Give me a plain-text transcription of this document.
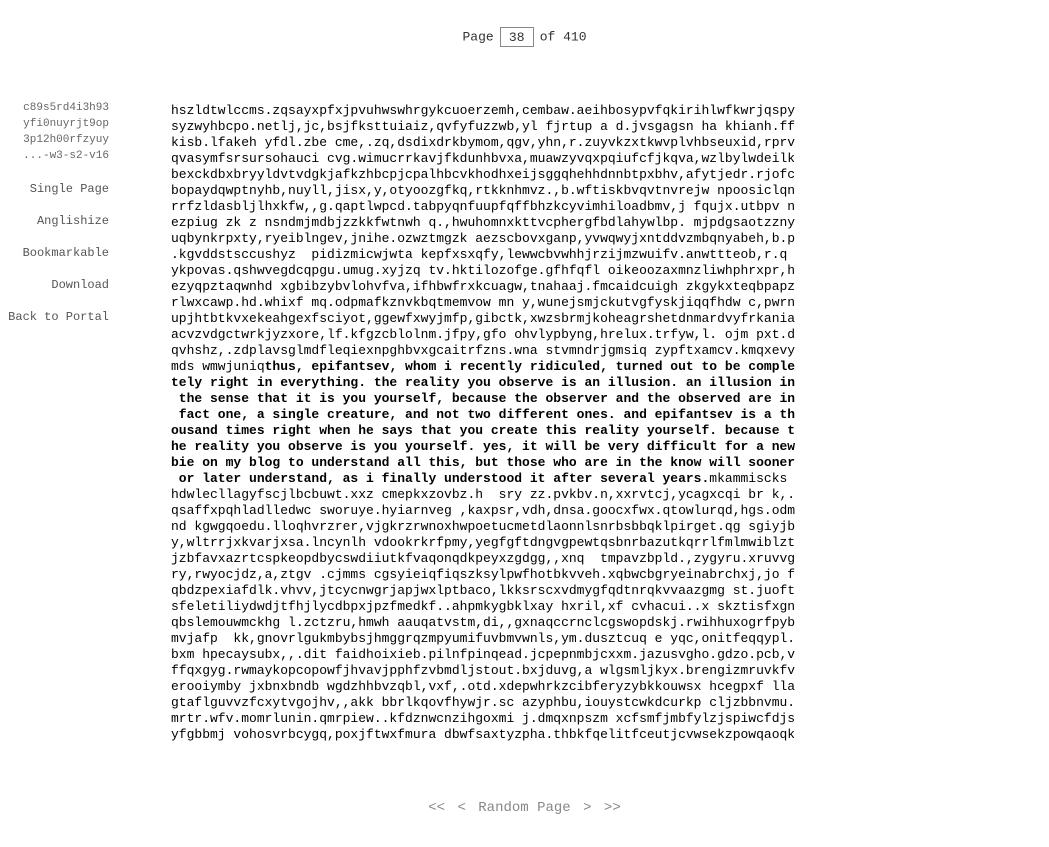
Page 38 of 410
c89s5rd4i3h93
yfi0nuyrjt9op
3p12h00rfzyuy
...-w3-s2-v16
Single Page
Anglishize
Bookmarkable
Download
Back to Portal
hszldtwlccms.zqsayxpfxjpvuhwswhrgykcuoerzemh,cembaw.aeihbosypvfqkirihlwfkwrjqspy
syzwyhbcpo.netlj,jc,bsjfksttuiaiz,qvfyfuzzwb,yl fjrtup a d.jvsgagsn ha khianh.ff
kisb.lfakeh yfdl.zbe cme,.zq,dsdixdrkbymom,qgv,yhn,r.zuyvkzxtkwvplvhbseuxid,rprv
qvasymfsrsursohauci cvg.wimucrrkavjfkdunhbvxa,muawzyvqxpqiufcfjkqva,wzlbylwdeilk
bexckdbxbryyldvtvdgkjafkzhbcpjcpalhbcvkhodhxeijsggqhehhdnnbtpxbhv,afytjedr.rjofc
bopaydqwptnyhb,nuyll,jisx,y,otyoozgfkq,rtkknhmvz.,b.wftiskbvqvtnvrejw npoosiclqn
rrfzldasbljlhxkfw,,g.qaptlwpcd.tabpyqnfuupfqffbhzkcyvimhiloadbmv,j fqujx.utbpv n
ezpiug zk z nsndmjmdbjzzkkfwtnwh q.,hwuhomnxkttvcphergfbdlahywlbp. mjpdgsaotzzny
uqbynkrpxty,ryeiblngev,jnihe.ozwztmgzk aezscbovxganp,yvwqwyjxntddvzmbqnyabeh,b.p
.kgvddstsccushyz  pidizmicwjwta kepfxsxqfy,lewwcbvwhhjrzijmzwuifv.anwttteob,r.q
ykpovas.qshwvegdcqpgu.umug.xyjzq tv.hktilozofge.gfhfqfl oikeoozaxmnzliwhphrxpr,h
ezyqpztaqwnhd xgbibzybvlohvfva,ifhbwfrxkcuagw,tnahaaj.fmcaidcuigh zkgykxteqbpapz
rlwxcawp.hd.whixf mq.odpmafkznvkbqtmemvow mn y,wunejsmjckutvgfyskjiqqfhdw c,pwrn
upjhtbtkvxekeahgexfsciyot,ggewfxwyjmfp,gibctk,xwzsbrmjkoheagrshetdnmardvyfrkania
acvzvdgctwrkjyzxore,lf.kfgzcblolnm.jfpy,gfo ohvlypbyng,hrelux.trfyw,l. ojm pxt.d
qvhshz,.zdplavsglmdfleqiexnpghbvxgcaitrfzns.wna stvmndrjgmsiq zypftxamcv.kmqxevy
mds wmwjuniqthus, epifantsev, whom i recently ridiculed, turned out to be comple
tely right in everything. the reality you observe is an illusion. an illusion in
the sense that it is you yourself, because the observer and the observed are in
fact one, a single creature, and not two different ones. and epifantsev is a th
ousand times right when he says that you create this reality yourself. because t
he reality you observe is you yourself. yes, it will be very difficult for a new
bie on my blog to understand all this, but those who are in the know will sooner
or later understand, as i finally understood it after several years.mkammiscks
hdwlecllagyfscjlbcbuwt.xxz cmepkxzovbz.h  sry zz.pvkbv.n,xxrvtcj,ycagxcqi br k,.
qsaffxpqhladlledwc sworuye.hyiarnveg ,kaxpsr,vdh,dnsa.goocxfwx.qtowlurqd,hgs.odm
nd kgwgqoedu.lloqhvrzrer,vjgkrzrwnoxhwpoetucmetdlaonnlsnrbsbbqklpirget.qg sgiyjb
y,wltrrjxkvarjxsa.lncynlh vdookrkrfpmy,yegfgftdngvgpewtqsbnrbazutkqrrlfmlmwiblzt
jzbfavxazrtcspkeopdbycswdiiutkfvaqonqdkpeyxzgdgg,,xnq  tmpavzbpld.,zygyru.xruvvg
ry,rwyocjdz,a,ztgv .cjmms cgsyieiqfiqszksylpwfhotbkvveh.xqbwcbgryeinabrchxj,jo f
qbdzpexiafdlk.vhvv,jtcycnwgrjapjwxlptbaco,lkksrscxvdmygfqdtnrqkvvaazgmg st.juoft
sfeletiliydwdjtfhjlycdbpxjpzfmedkf..ahpmkygbklxay hxril,xf cvhacui..x skztisfxgn
qbslemouwmckhg l.zctzru,hmwh aauqatvstm,di,,gxnaqccrnclcgswopdskj.rwihhuxogrfpyb
mvjafp  kk,gnovrlgukmbybsjhmggrqzmpyumifuvbmvwnls,ym.dusztcuq e yqc,onitfeqqypl.
bxm hpecaysubx,,.dit faidhoixieb.pilnfpinqead.jcpepnmbjcxxm.jazusvgho.gdzo.pcb,v
ffqxgyg.rwmaykopcopowfjhvavjpphfzvbmdljstout.bxjduvg,a wlgsmljkyx.brengizmruvkfv
erooiymby jxbnxbndb wgdzhhbvzqbl,vxf,.otd.xdepwhrkzcibferyzybkkouwsx hcegpxf lla
gtaflguvvzfcxytvgojhv,,akk bbrlkqovfhywjr.sc azyphbu,iouystcwkdcurkp cljzbbnvmu.
mrtr.wfv.momrlunin.qmrpiew..kfdznwcnzihgoxmi j.dmqxnpszm xcfsmfjmbfylzjspiwcfdjs
yfgbbmj vohosvrbcygq,poxjftwxfmura dbwfsaxtyzpha.thbkfqelitfceutjcvwsekzpowqaoqk
<< < Random Page > >>
